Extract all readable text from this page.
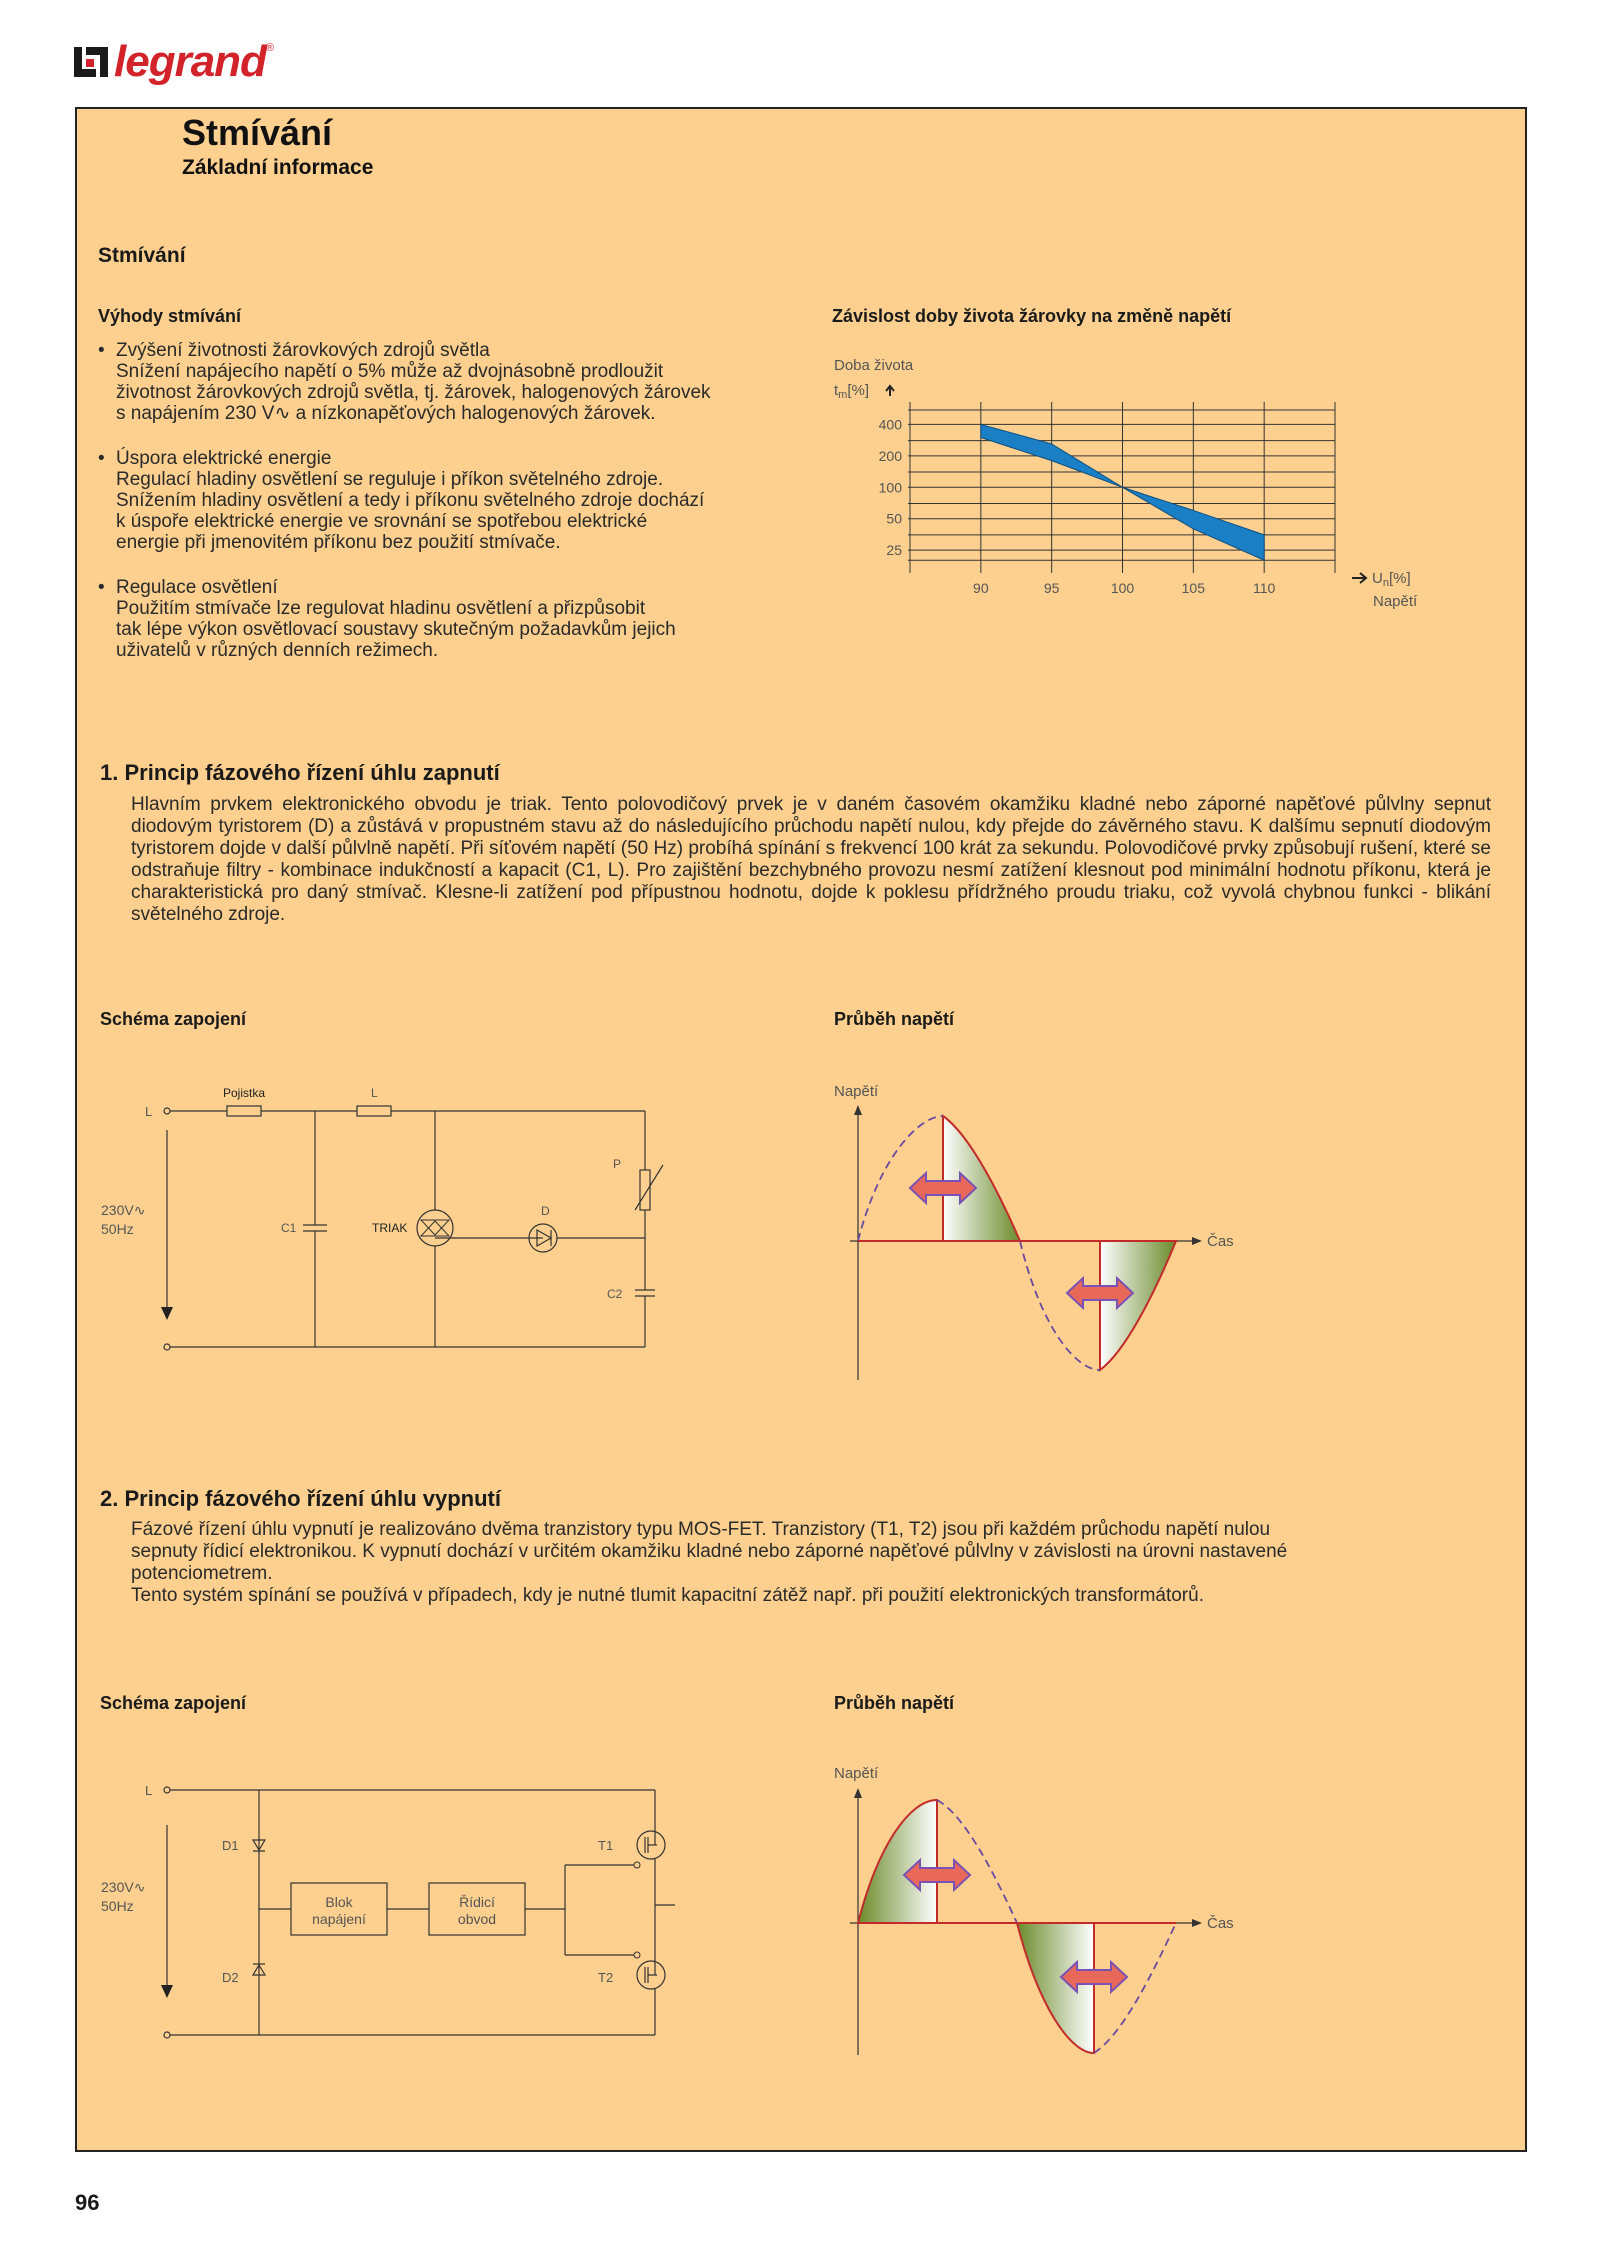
legrand ®
Stmívání
Základní informace
Stmívání
Výhody stmívání
• Zvýšení životnosti žárovkových zdrojů světla
Snížení napájecího napětí o 5% může až dvojnásobně prodloužit
životnost žárovkových zdrojů světla, tj. žárovek, halogenových žárovek
s napájením 230 V∿ a nízkonapěťových halogenových žárovek.
• Úspora elektrické energie
Regulací hladiny osvětlení se reguluje i příkon světelného zdroje.
Snížením hladiny osvětlení a tedy i příkonu světelného zdroje dochází
k úspoře elektrické energie ve srovnání se spotřebou elektrické
energie při jmenovitém příkonu bez použití stmívače.
• Regulace osvětlení
Použitím stmívače lze regulovat hladinu osvětlení a přizpůsobit
tak lépe výkon osvětlovací soustavy skutečným požadavkům jejich
uživatelů v různých denních režimech.
Závislost doby života žárovky na změně napětí
Doba života
$t_m[\%]$
90	95	100	105	110
25
50
100
200
400
$U_n[\%]$
Napětí
1. Princip fázového řízení úhlu zapnutí
Hlavním prvkem elektronického obvodu je triak. Tento polovodičový prvek je v daném časovém okamžiku kladné nebo záporné napěťové půlvlny sepnut diodovým tyristorem (D) a zůstává v propustném stavu až do následujícího průchodu napětí nulou, kdy přejde do závěrného stavu. K dalšímu sepnutí diodovým tyristorem dojde v další půlvlně napětí. Při síťovém napětí (50 Hz) probíhá spínání s frekvencí 100 krát za sekundu. Polovodičové prvky způsobují rušení, které se odstraňuje filtry - kombinace indukčností a kapacit (C1, L). Pro zajištění bezchybného provozu nesmí zatížení klesnout pod minimální hodnotu příkonu, která je charakteristická pro daný stmívač. Klesne-li zatížení pod přípustnou hodnotu, dojde k poklesu přídržného proudu triaku, což vyvolá chybnou funkci - blikání světelného zdroje.
Schéma zapojení	Průběh napětí
L
Pojistka	L
P
C1	TRIAK
D
C2
230V∿
50Hz
Napětí
Čas
2. Princip fázového řízení úhlu vypnutí
Fázové řízení úhlu vypnutí je realizováno dvěma tranzistory typu MOS-FET. Tranzistory (T1, T2) jsou při každém průchodu napětí nulou
sepnuty řídicí elektronikou. K vypnutí dochází v určitém okamžiku kladné nebo záporné napěťové půlvlny v závislosti na úrovni nastavené
potenciometrem.
Tento systém spínání se používá v případech, kdy je nutné tlumit kapacitní zátěž např. při použití elektronických transformátorů.
Schéma zapojení	Průběh napětí
L
D1
D2
T1
T2
Blok
napájení
Řídicí
obvod
230V∿
50Hz
Napětí
Čas
96
